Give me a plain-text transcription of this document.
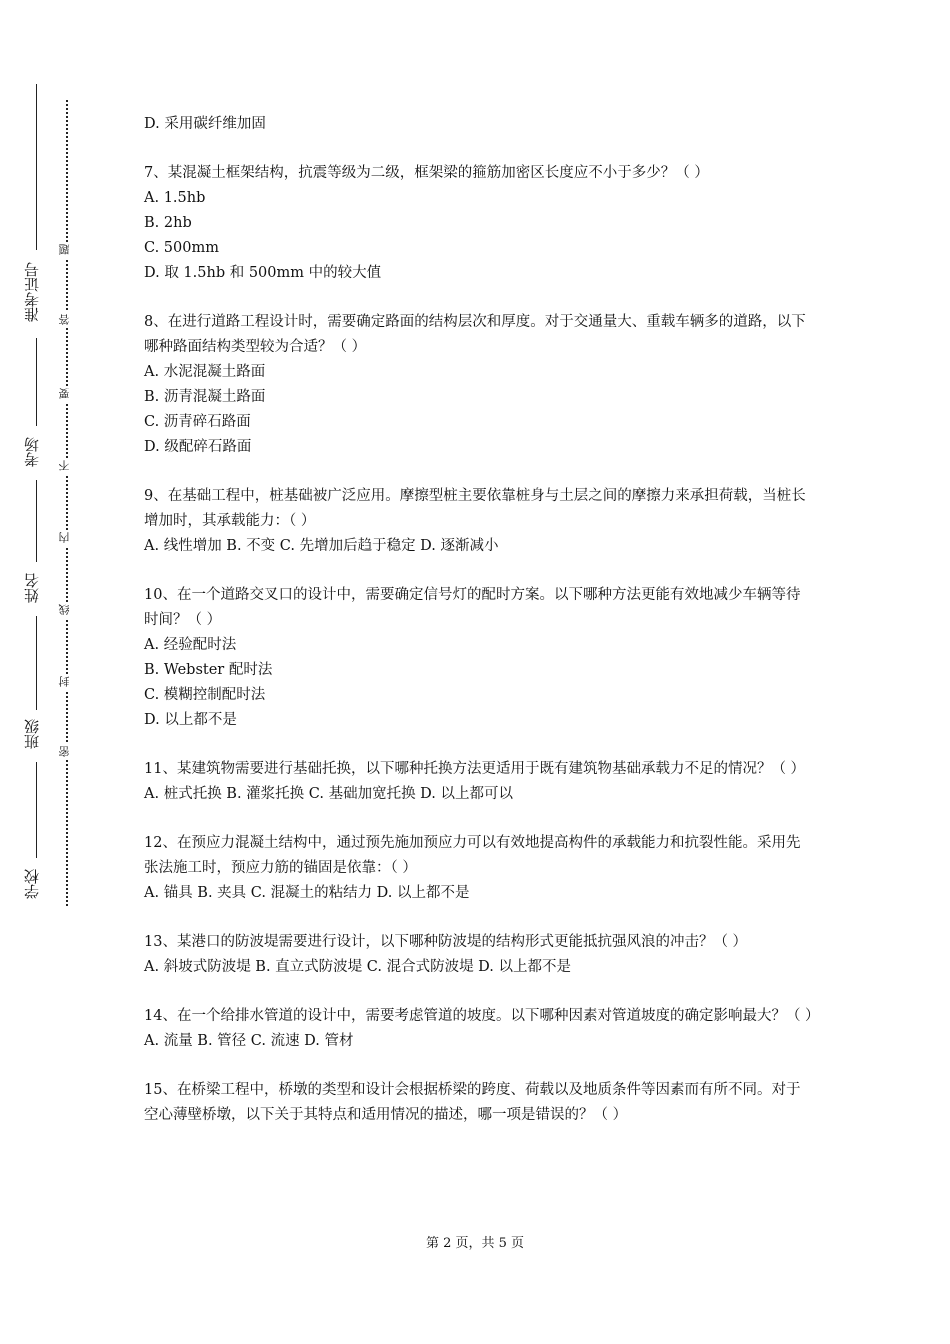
准考证号
考场
姓名
班级
学校
题
答
要
不
内
线
封
密
D. 采用碳纤维加固
7、某混凝土框架结构，抗震等级为二级，框架梁的箍筋加密区长度应不小于多少？（ ）
A. 1.5hb
B. 2hb
C. 500mm
D. 取 1.5hb 和 500mm 中的较大值
8、在进行道路工程设计时，需要确定路面的结构层次和厚度。对于交通量大、重载车辆多的道路，以下哪种路面结构类型较为合适？（ ）
A. 水泥混凝土路面
B. 沥青混凝土路面
C. 沥青碎石路面
D. 级配碎石路面
9、在基础工程中，桩基础被广泛应用。摩擦型桩主要依靠桩身与土层之间的摩擦力来承担荷载，当桩长增加时，其承载能力：（ ）
A. 线性增加 B. 不变 C. 先增加后趋于稳定 D. 逐渐减小
10、在一个道路交叉口的设计中，需要确定信号灯的配时方案。以下哪种方法更能有效地减少车辆等待时间？（ ）
A. 经验配时法
B. Webster 配时法
C. 模糊控制配时法
D. 以上都不是
11、某建筑物需要进行基础托换，以下哪种托换方法更适用于既有建筑物基础承载力不足的情况？（ ）
A. 桩式托换 B. 灌浆托换 C. 基础加宽托换 D. 以上都可以
12、在预应力混凝土结构中，通过预先施加预应力可以有效地提高构件的承载能力和抗裂性能。采用先张法施工时，预应力筋的锚固是依靠：（ ）
A. 锚具 B. 夹具 C. 混凝土的粘结力 D. 以上都不是
13、某港口的防波堤需要进行设计，以下哪种防波堤的结构形式更能抵抗强风浪的冲击？（ ）
A. 斜坡式防波堤 B. 直立式防波堤 C. 混合式防波堤 D. 以上都不是
14、在一个给排水管道的设计中，需要考虑管道的坡度。以下哪种因素对管道坡度的确定影响最大？（ ）
A. 流量 B. 管径 C. 流速 D. 管材
15、在桥梁工程中，桥墩的类型和设计会根据桥梁的跨度、荷载以及地质条件等因素而有所不同。对于空心薄壁桥墩，以下关于其特点和适用情况的描述，哪一项是错误的？（ ）
第 2 页，共 5 页
